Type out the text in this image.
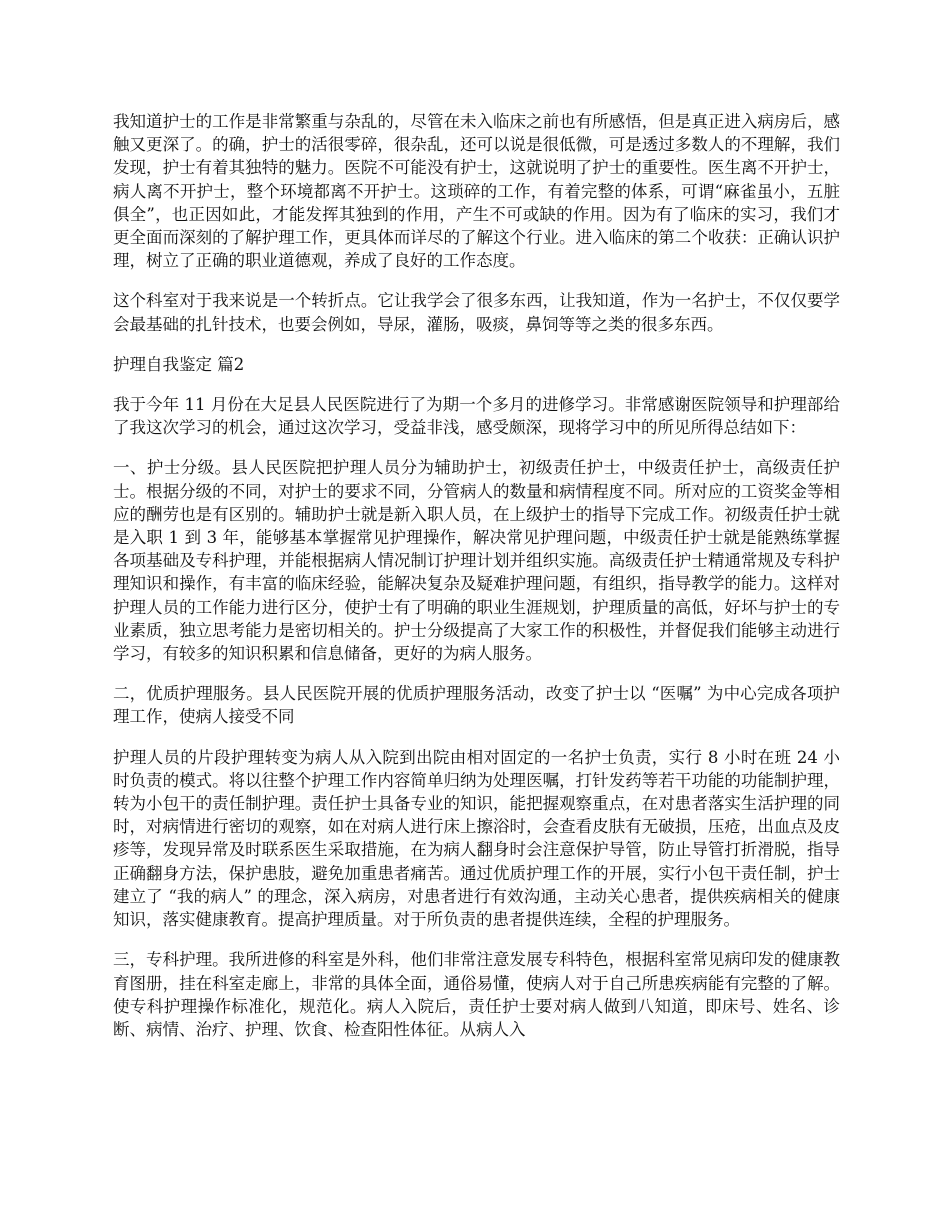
我知道护士的工作是非常繁重与杂乱的，尽管在未入临床之前也有所感悟，但是真正进入病房后，感触又更深了。的确，护士的活很零碎，很杂乱，还可以说是很低微，可是透过多数人的不理解，我们发现，护士有着其独特的魅力。医院不可能没有护士，这就说明了护士的重要性。医生离不开护士，病人离不开护士，整个环境都离不开护士。这琐碎的工作，有着完整的体系，可谓“麻雀虽小，五脏俱全”，也正因如此，才能发挥其独到的作用，产生不可或缺的作用。因为有了临床的实习，我们才更全面而深刻的了解护理工作，更具体而详尽的了解这个行业。进入临床的第二个收获：正确认识护理，树立了正确的职业道德观，养成了良好的工作态度。

这个科室对于我来说是一个转折点。它让我学会了很多东西，让我知道，作为一名护士，不仅仅要学会最基础的扎针技术，也要会例如，导尿，灌肠，吸痰，鼻饲等等之类的很多东西。

护理自我鉴定 篇2

我于今年 11 月份在大足县人民医院进行了为期一个多月的进修学习。非常感谢医院领导和护理部给了我这次学习的机会，通过这次学习，受益非浅，感受颇深，现将学习中的所见所得总结如下：

一、护士分级。县人民医院把护理人员分为辅助护士，初级责任护士，中级责任护士，高级责任护士。根据分级的不同，对护士的要求不同，分管病人的数量和病情程度不同。所对应的工资奖金等相应的酬劳也是有区别的。辅助护士就是新入职人员，在上级护士的指导下完成工作。初级责任护士就是入职 1 到 3 年，能够基本掌握常见护理操作，解决常见护理问题，中级责任护士就是能熟练掌握各项基础及专科护理，并能根据病人情况制订护理计划并组织实施。高级责任护士精通常规及专科护理知识和操作，有丰富的临床经验，能解决复杂及疑难护理问题，有组织，指导教学的能力。这样对护理人员的工作能力进行区分，使护士有了明确的职业生涯规划，护理质量的高低，好坏与护士的专业素质，独立思考能力是密切相关的。护士分级提高了大家工作的积极性，并督促我们能够主动进行学习，有较多的知识积累和信息储备，更好的为病人服务。

二，优质护理服务。县人民医院开展的优质护理服务活动，改变了护士以 “医嘱” 为中心完成各项护理工作，使病人接受不同

护理人员的片段护理转变为病人从入院到出院由相对固定的一名护士负责，实行 8 小时在班 24 小时负责的模式。将以往整个护理工作内容简单归纳为处理医嘱，打针发药等若干功能的功能制护理，转为小包干的责任制护理。责任护士具备专业的知识，能把握观察重点，在对患者落实生活护理的同时，对病情进行密切的观察，如在对病人进行床上擦浴时，会查看皮肤有无破损，压疮，出血点及皮疹等，发现异常及时联系医生采取措施，在为病人翻身时会注意保护导管，防止导管打折滑脱，指导正确翻身方法，保护患肢，避免加重患者痛苦。通过优质护理工作的开展，实行小包干责任制，护士建立了 “我的病人” 的理念，深入病房，对患者进行有效沟通，主动关心患者，提供疾病相关的健康知识，落实健康教育。提高护理质量。对于所负责的患者提供连续，全程的护理服务。

三，专科护理。我所进修的科室是外科，他们非常注意发展专科特色，根据科室常见病印发的健康教育图册，挂在科室走廊上，非常的具体全面，通俗易懂，使病人对于自己所患疾病能有完整的了解。使专科护理操作标准化，规范化。病人入院后，责任护士要对病人做到八知道，即床号、姓名、诊断、病情、治疗、护理、饮食、检查阳性体征。从病人入
